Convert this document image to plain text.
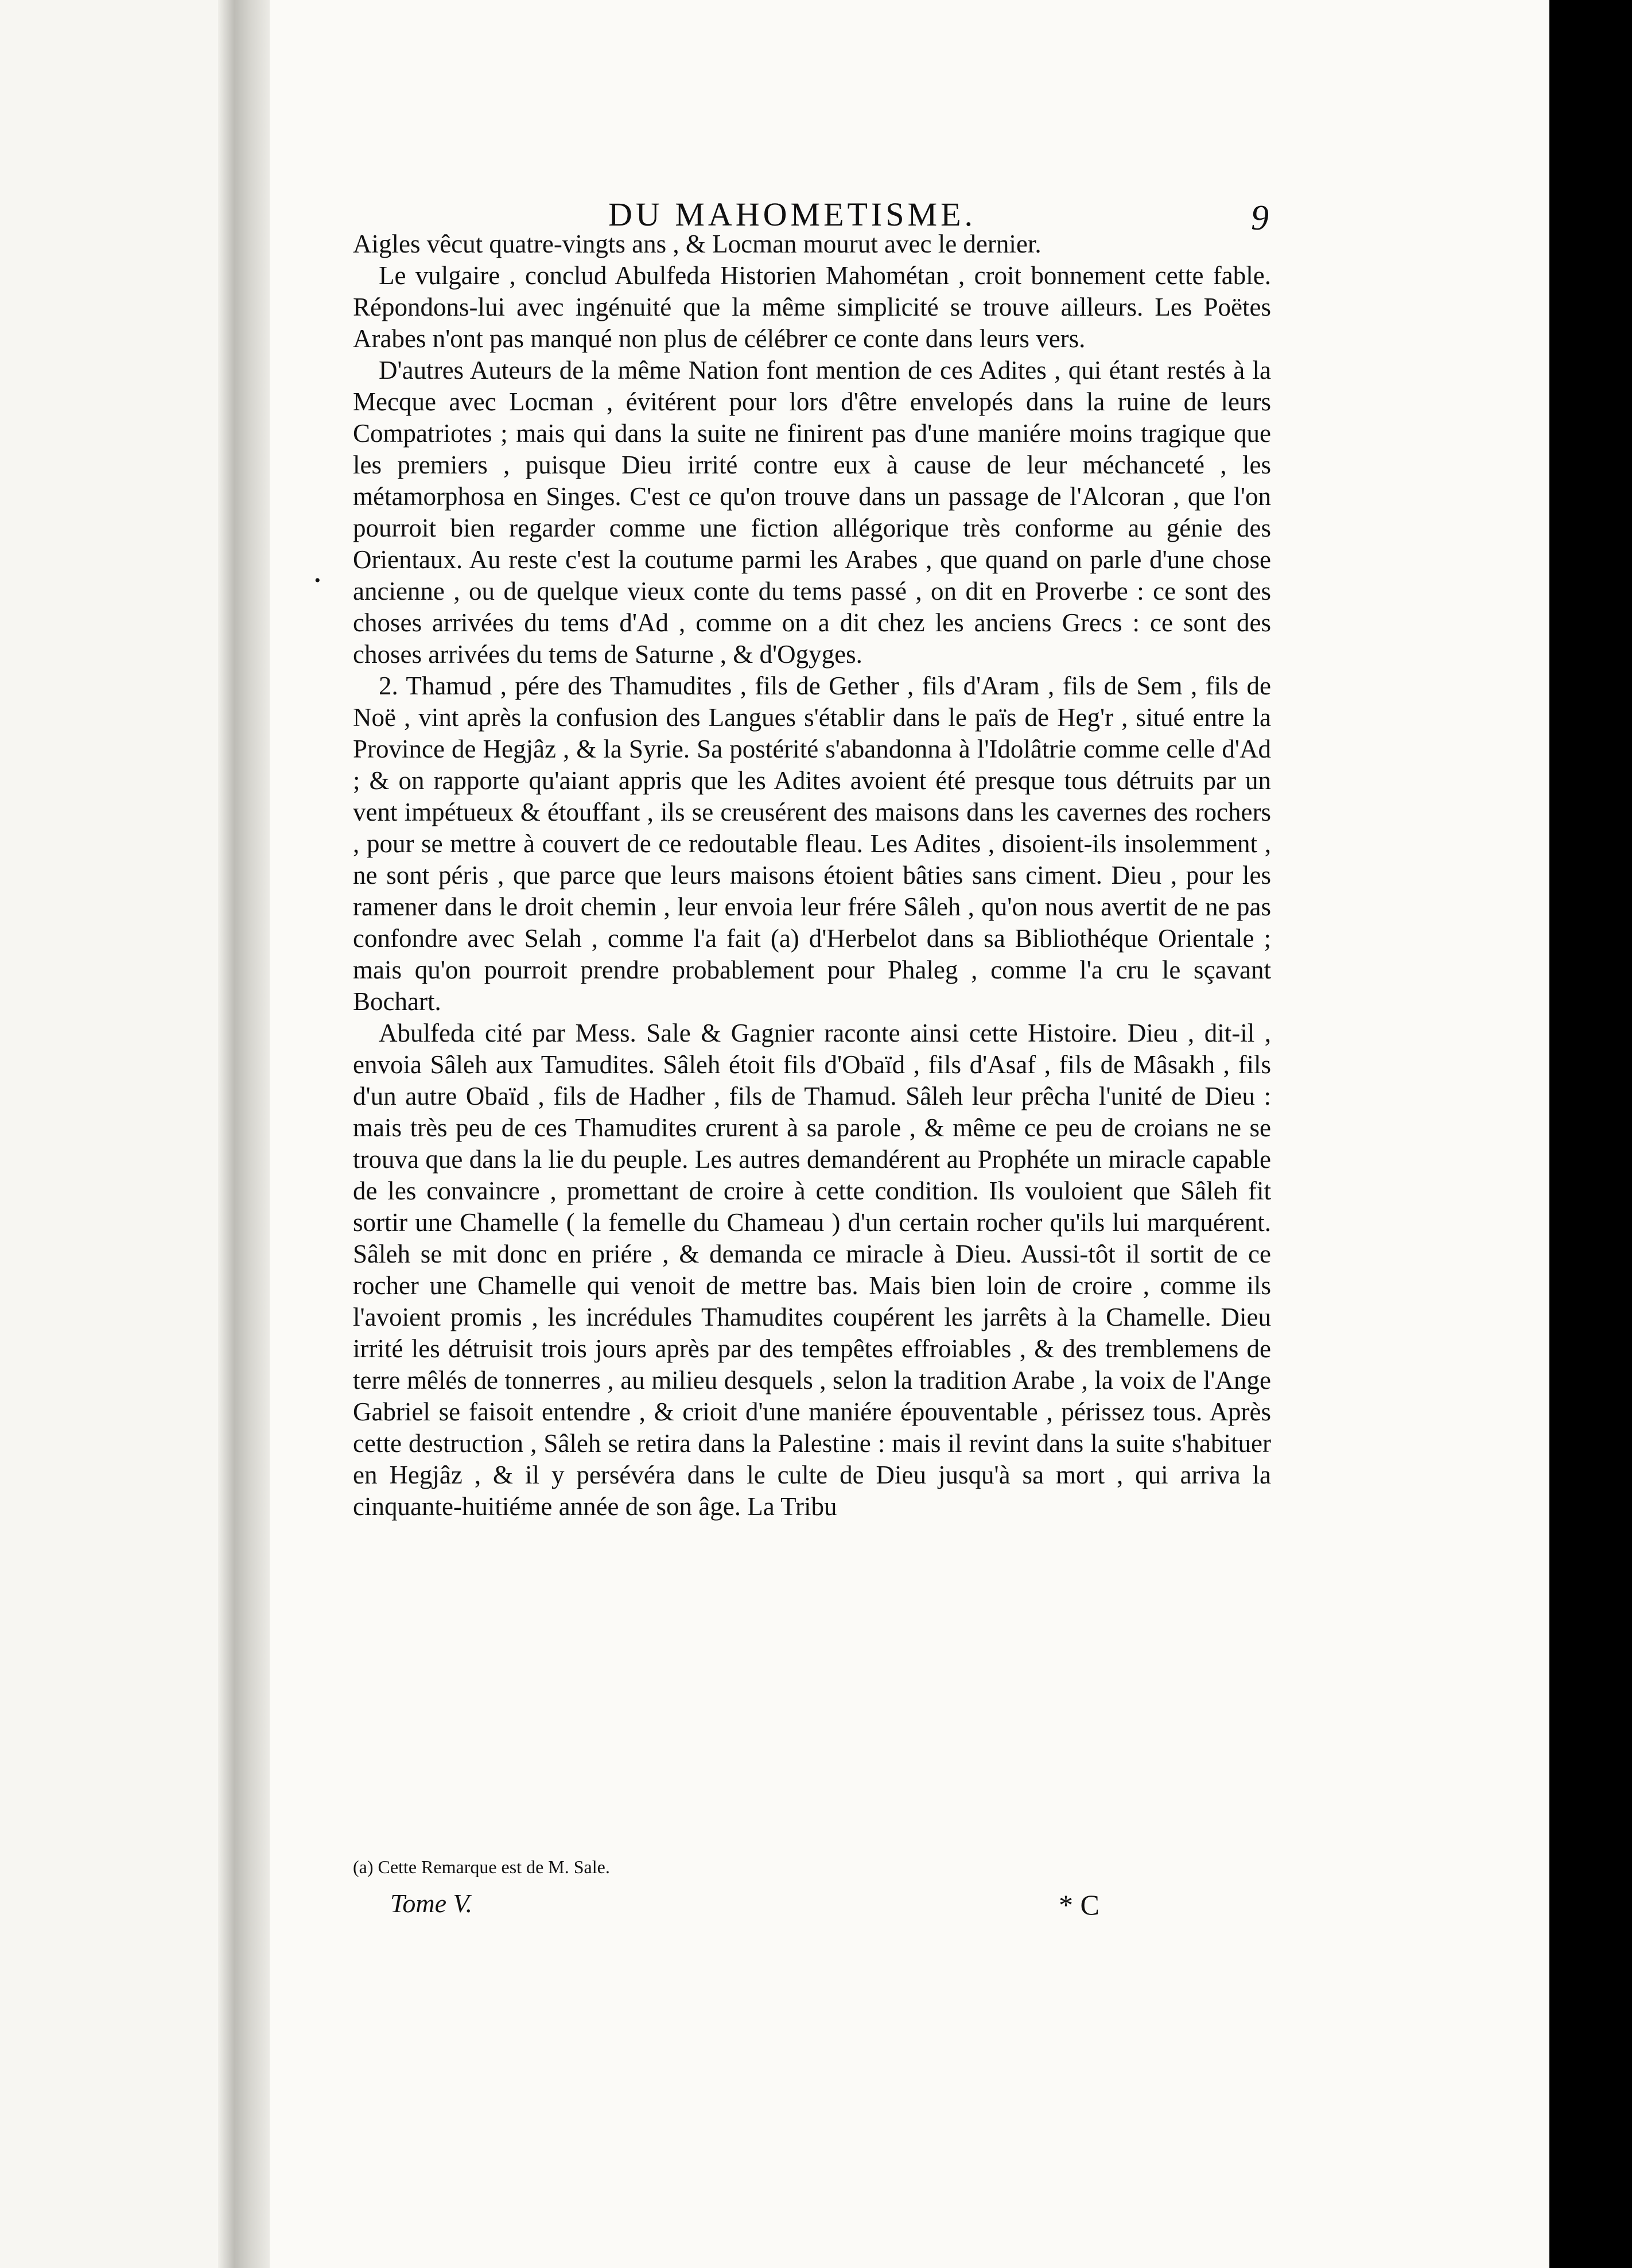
DU MAHOMETISME.	9
•

Aigles vêcut quatre-vingts ans , & Locman mourut avec le dernier.

Le vulgaire , conclud Abulfeda Historien Mahométan , croit bonnement cette fable. Répondons-lui avec ingénuité que la même simplicité se trouve ailleurs. Les Poëtes Arabes n'ont pas manqué non plus de célébrer ce conte dans leurs vers.

D'autres Auteurs de la même Nation font mention de ces Adites , qui étant restés à la Mecque avec Locman , évitérent pour lors d'être envelopés dans la ruine de leurs Compatriotes ; mais qui dans la suite ne finirent pas d'une maniére moins tragique que les premiers , puisque Dieu irrité contre eux à cause de leur méchanceté , les métamorphosa en Singes. C'est ce qu'on trouve dans un passage de l'Alcoran , que l'on pourroit bien regarder comme une fiction allégorique très conforme au génie des Orientaux. Au reste c'est la coutume parmi les Arabes , que quand on parle d'une chose ancienne , ou de quelque vieux conte du tems passé , on dit en Proverbe : ce sont des choses arrivées du tems d'Ad , comme on a dit chez les anciens Grecs : ce sont des choses arrivées du tems de Saturne , & d'Ogyges.

2. Thamud , pére des Thamudites , fils de Gether , fils d'Aram , fils de Sem , fils de Noë , vint après la confusion des Langues s'établir dans le païs de Heg'r , situé entre la Province de Hegjâz , & la Syrie. Sa postérité s'abandonna à l'Idolâtrie comme celle d'Ad ; & on rapporte qu'aiant appris que les Adites avoient été presque tous détruits par un vent impétueux & étouffant , ils se creusérent des maisons dans les cavernes des rochers , pour se mettre à couvert de ce redoutable fleau. Les Adites , disoient-ils insolemment , ne sont péris , que parce que leurs maisons étoient bâties sans ciment. Dieu , pour les ramener dans le droit chemin , leur envoia leur frére Sâleh , qu'on nous avertit de ne pas confondre avec Selah , comme l'a fait (a) d'Herbelot dans sa Bibliothéque Orientale ; mais qu'on pourroit prendre probablement pour Phaleg , comme l'a cru le sçavant Bochart.

Abulfeda cité par Mess. Sale & Gagnier raconte ainsi cette Histoire. Dieu , dit-il , envoia Sâleh aux Tamudites. Sâleh étoit fils d'Obaïd , fils d'Asaf , fils de Mâsakh , fils d'un autre Obaïd , fils de Hadher , fils de Thamud. Sâleh leur prêcha l'unité de Dieu : mais très peu de ces Thamudites crurent à sa parole , & même ce peu de croians ne se trouva que dans la lie du peuple. Les autres demandérent au Prophéte un miracle capable de les convaincre , promettant de croire à cette condition. Ils vouloient que Sâleh fit sortir une Chamelle ( la femelle du Chameau ) d'un certain rocher qu'ils lui marquérent. Sâleh se mit donc en priére , & demanda ce miracle à Dieu. Aussi-tôt il sortit de ce rocher une Chamelle qui venoit de mettre bas. Mais bien loin de croire , comme ils l'avoient promis , les incrédules Thamudites coupérent les jarrêts à la Chamelle. Dieu irrité les détruisit trois jours après par des tempêtes effroiables , & des tremblemens de terre mêlés de tonnerres , au milieu desquels , selon la tradition Arabe , la voix de l'Ange Gabriel se faisoit entendre , & crioit d'une maniére épouventable , périssez tous. Après cette destruction , Sâleh se retira dans la Palestine : mais il revint dans la suite s'habituer en Hegjâz , & il y persévéra dans le culte de Dieu jusqu'à sa mort , qui arriva la cinquante-huitiéme année de son âge. La Tribu

(a) Cette Remarque est de M. Sale.
Tome V.	* C
